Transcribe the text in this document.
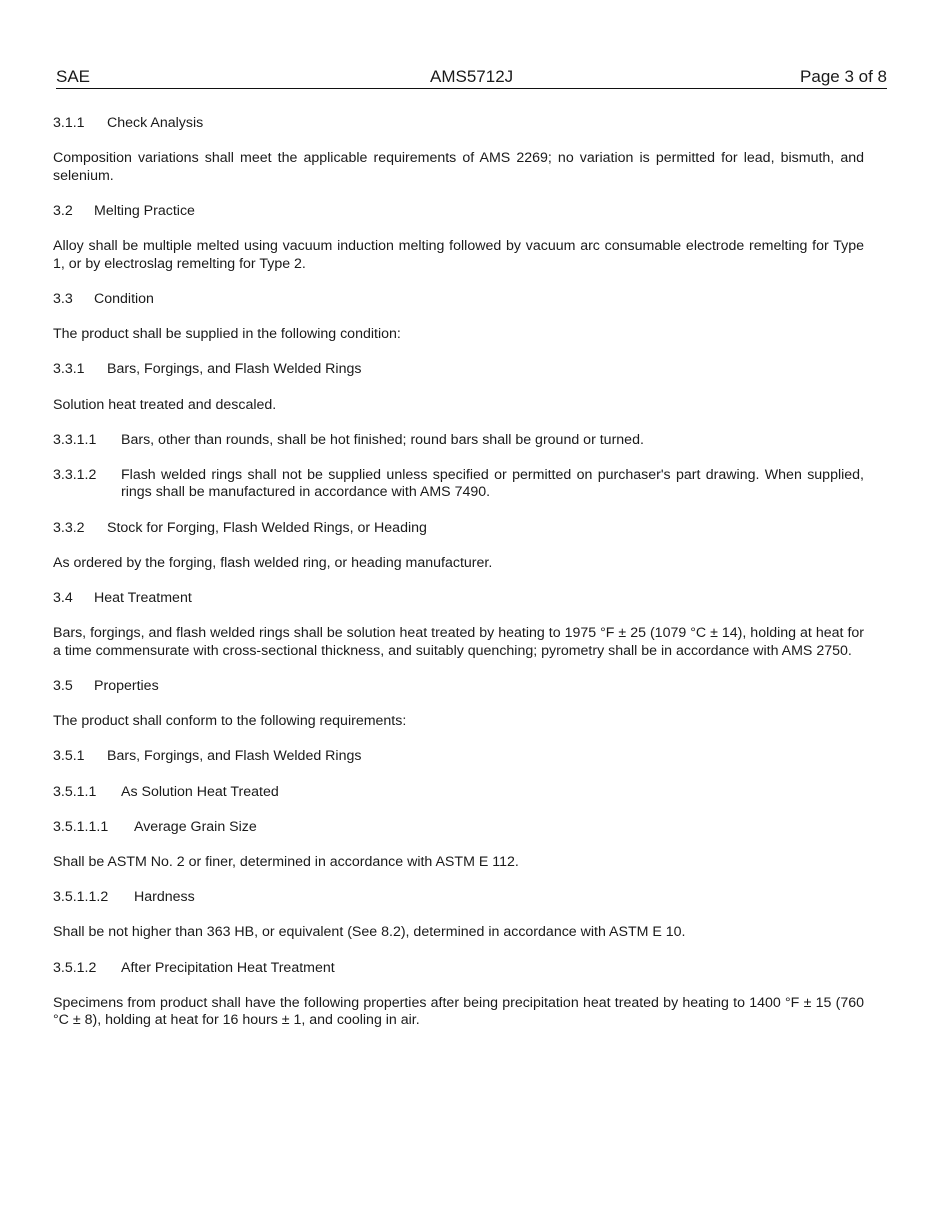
SAE	AMS5712J	Page 3 of 8
3.1.1 Check Analysis

Composition variations shall meet the applicable requirements of AMS 2269; no variation is permitted for lead, bismuth, and selenium.

3.2 Melting Practice

Alloy shall be multiple melted using vacuum induction melting followed by vacuum arc consumable electrode remelting for Type 1, or by electroslag remelting for Type 2.

3.3 Condition

The product shall be supplied in the following condition:

3.3.1 Bars, Forgings, and Flash Welded Rings

Solution heat treated and descaled.

3.3.1.1 Bars, other than rounds, shall be hot finished; round bars shall be ground or turned.
3.3.1.2 Flash welded rings shall not be supplied unless specified or permitted on purchaser's part drawing. When supplied, rings shall be manufactured in accordance with AMS 7490.
3.3.2 Stock for Forging, Flash Welded Rings, or Heading

As ordered by the forging, flash welded ring, or heading manufacturer.

3.4 Heat Treatment

Bars, forgings, and flash welded rings shall be solution heat treated by heating to 1975 °F ± 25 (1079 °C ± 14), holding at heat for a time commensurate with cross-sectional thickness, and suitably quenching; pyrometry shall be in accordance with AMS 2750.

3.5 Properties

The product shall conform to the following requirements:

3.5.1 Bars, Forgings, and Flash Welded Rings
3.5.1.1 As Solution Heat Treated
3.5.1.1.1 Average Grain Size

Shall be ASTM No. 2 or finer, determined in accordance with ASTM E 112.

3.5.1.1.2 Hardness

Shall be not higher than 363 HB, or equivalent (See 8.2), determined in accordance with ASTM E 10.

3.5.1.2 After Precipitation Heat Treatment

Specimens from product shall have the following properties after being precipitation heat treated by heating to 1400 °F ± 15 (760 °C ± 8), holding at heat for 16 hours ± 1, and cooling in air.
